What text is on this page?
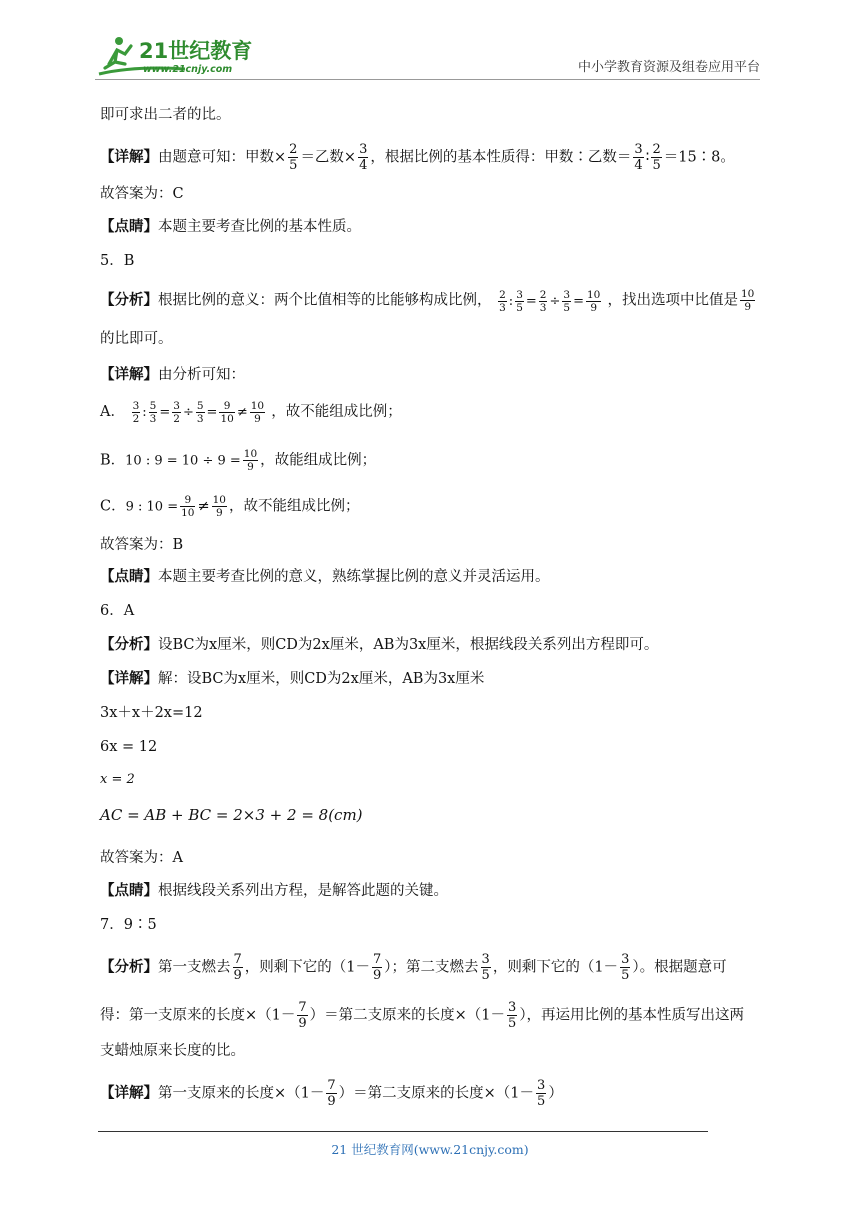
21世纪教育
www.21cnjy.com	中小学教育资源及组卷应用平台
即可求出二者的比。
【详解】由题意可知：甲数× $\frac{2}{5}$ ＝乙数× $\frac{3}{4}$ ，根据比例的基本性质得：甲数∶乙数＝ $\frac{3}{4}$ ∶ $\frac{2}{5}$ ＝15∶8。
故答案为：C
【点睛】本题主要考查比例的基本性质。
5．B
【分析】根据比例的意义：两个比值相等的比能够构成比例， $\frac{2}{3}$ : $\frac{3}{5} = \frac{2}{3} \div \frac{3}{5} = \frac{10}{9}$ ，找出选项中比值是 $\frac{10}{9}$
的比即可。
【详解】由分析可知：
A． $\frac{3}{2}$ : $\frac{5}{3} = \frac{3}{2} \div \frac{5}{3} = \frac{9}{10} \ne \frac{10}{9}$ ，故不能组成比例；
B．10 : $9 = 10 \div 9 = \frac{10}{9}$ ，故能组成比例；
C．9 : $10 = \frac{9}{10} \ne \frac{10}{9}$ ，故不能组成比例；
故答案为：B
【点睛】本题主要考查比例的意义，熟练掌握比例的意义并灵活运用。
6．A
【分析】设BC为x厘米，则CD为2x厘米，AB为3x厘米，根据线段关系列出方程即可。
【详解】解：设BC为x厘米，则CD为2x厘米，AB为3x厘米
3x＋x＋2x=12
6x = 12
x = 2
AC = AB + BC = 2×3 + 2 = 8(cm)
故答案为：A
【点睛】根据线段关系列出方程，是解答此题的关键。
7．9∶5
【分析】第一支燃去 $\frac{7}{9}$ ，则剩下它的（$1- \frac{7}{9}$ ）；第二支燃去 $\frac{3}{5}$ ，则剩下它的（$1- \frac{3}{5}$ ）。根据题意可
得：第一支原来的长度$\times(1- \frac{7}{9}$ ）＝第二支原来的长度$\times(1- \frac{3}{5}$ ），再运用比例的基本性质写出这两
支蜡烛原来长度的比。
【详解】第一支原来的长度$\times(1- \frac{7}{9}$ ）＝第二支原来的长度$\times(1- \frac{3}{5}$ ）
21 世纪教育网(www.21cnjy.com)
